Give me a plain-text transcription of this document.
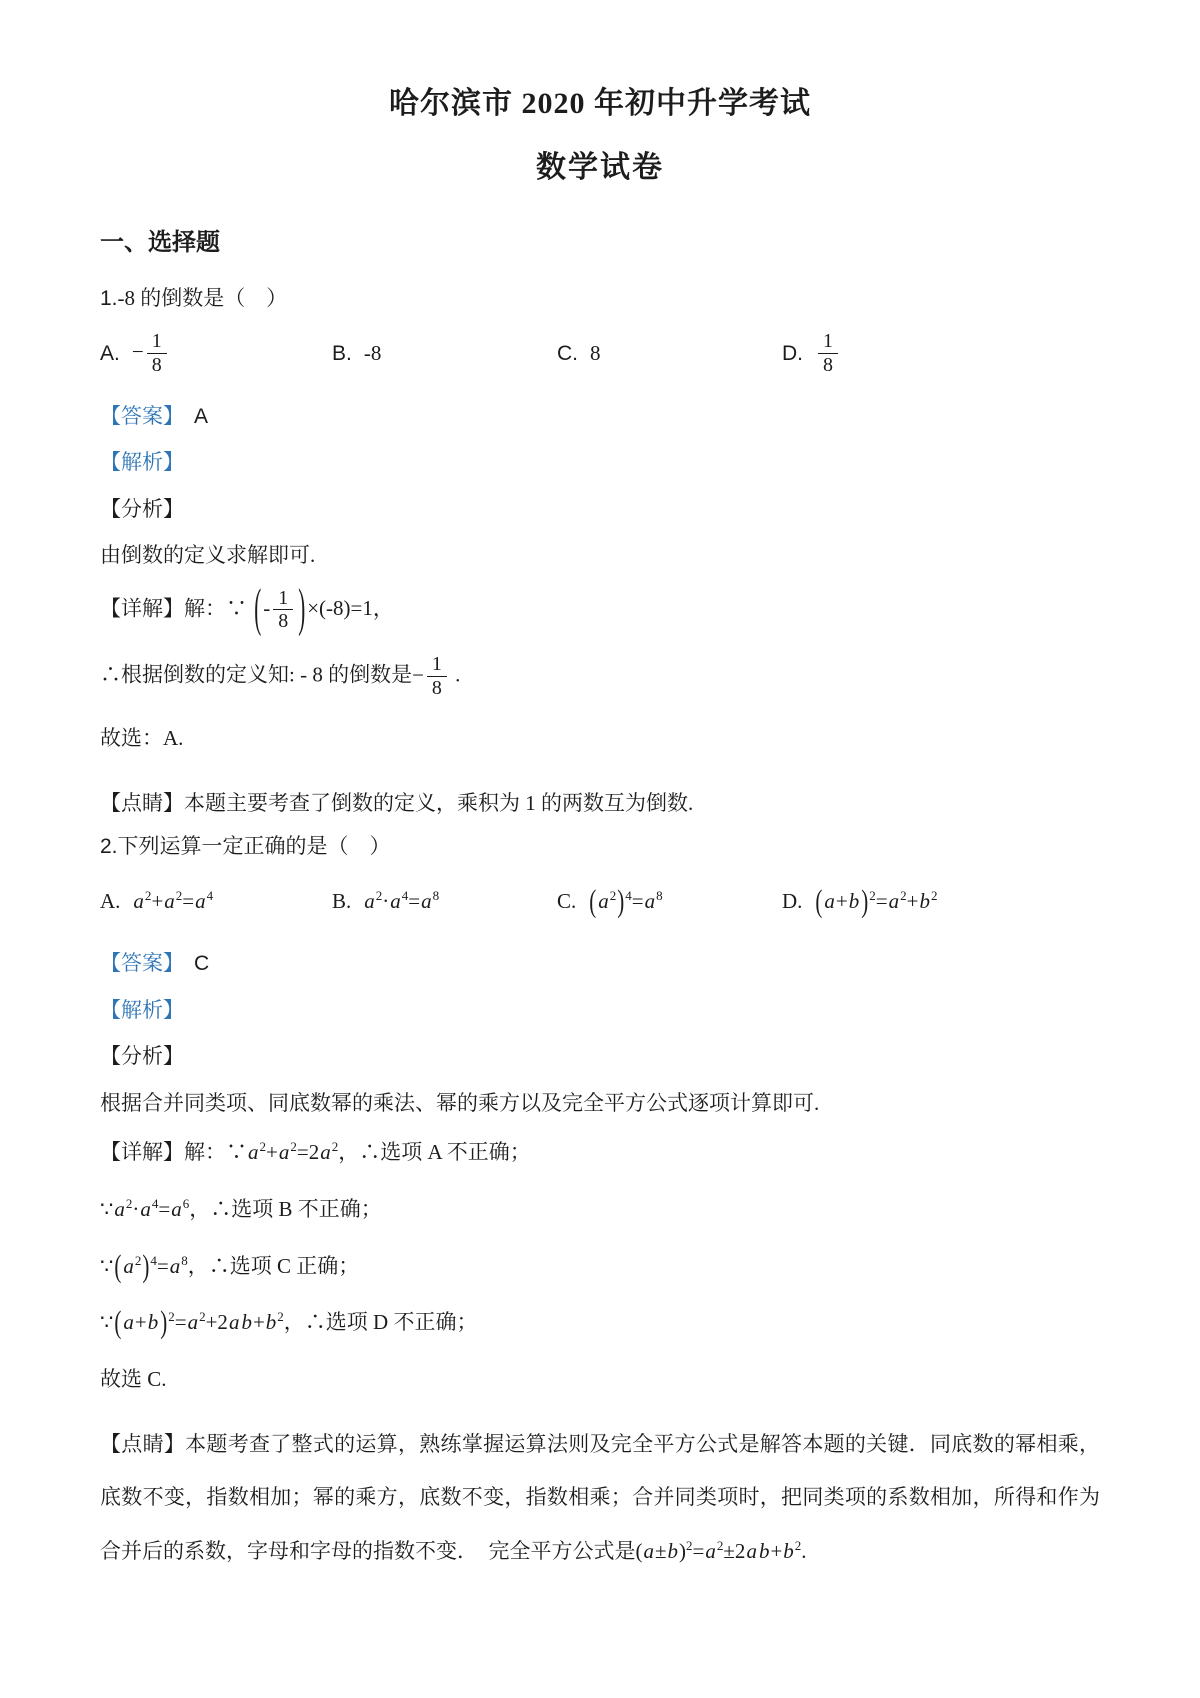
哈尔滨市 2020 年初中升学考试
数学试卷
一、选择题

1.-8 的倒数是（　）

A. − $\frac{1}{8}$	B. -8	C. 8	D. $\frac{1}{8}$

【答案】 A

【解析】

【分析】

由倒数的定义求解即可.

【详解】解：∵ (- $\frac{1}{8} )\times(-8)=1$，

∴根据倒数的定义知: - 8 的倒数是− $\frac{1}{8}$ .

故选：A.

【点睛】本题主要考查了倒数的定义，乘积为 1 的两数互为倒数.

2.下列运算一定正确的是（　）

A. $a^2+a^2=a^4$	B. $a^2\cdot a^4=a^8$	C. $(a^2)^4=a^8$	D. $(a+b)^2=a^2+b^2$

【答案】 C

【解析】

【分析】

根据合并同类项、同底数幂的乘法、幂的乘方以及完全平方公式逐项计算即可.

【详解】解：$\because a^2+a^2=2a^2$，∴选项 A 不正确；

$\because a^2\cdot a^4=a^6$，∴选项 B 不正确；

$\because(a^2)^4=a^8$，∴选项 C 正确；

$\because(a+b)^2=a^2+2ab+b^2$，∴选项 D 不正确；

故选 C.

【点睛】本题考查了整式的运算，熟练掌握运算法则及完全平方公式是解答本题的关键．同底数的幂相乘，底数不变，指数相加；幂的乘方，底数不变，指数相乘；合并同类项时，把同类项的系数相加，所得和作为合并后的系数，字母和字母的指数不变．　完全平方公式是$(a\pm b)^2=a^2\pm 2ab+b^2$.
